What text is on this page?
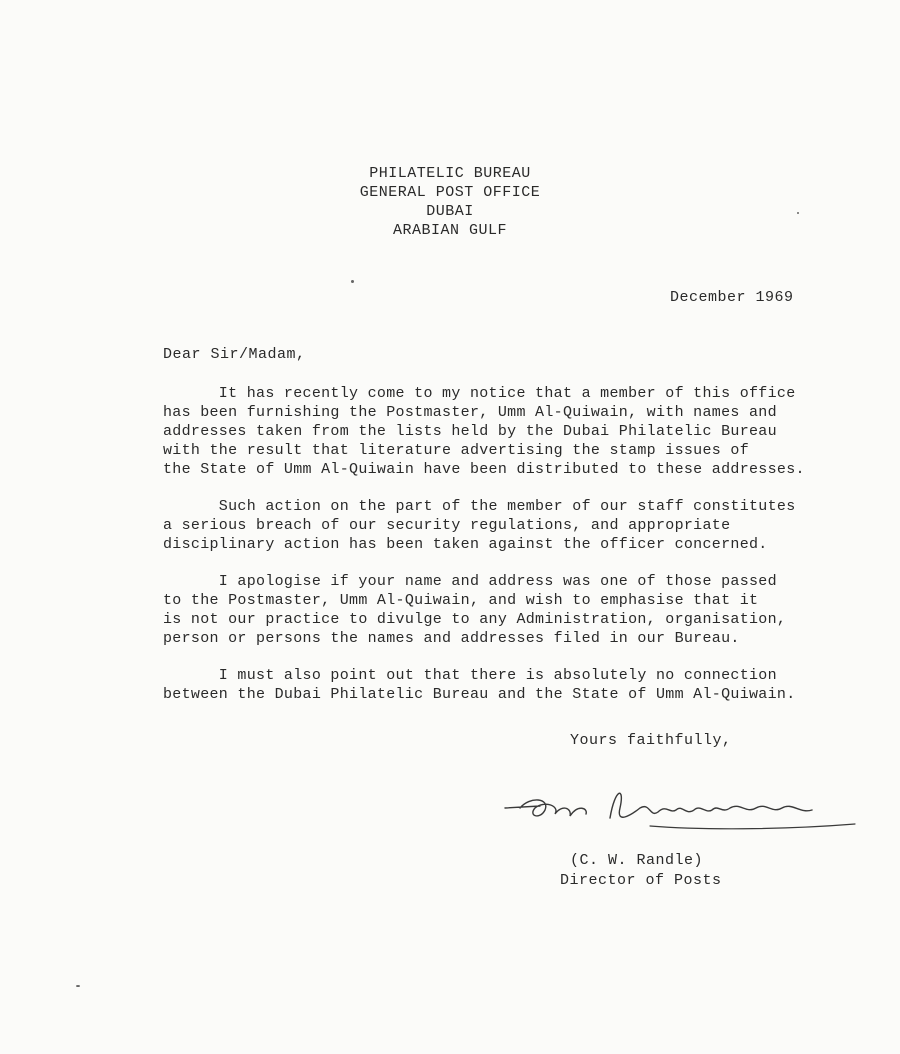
PHILATELIC BUREAU
GENERAL POST OFFICE
DUBAI
ARABIAN GULF
December 1969
Dear Sir/Madam,
It has recently come to my notice that a member of this office
has been furnishing the Postmaster, Umm Al-Quiwain, with names and
addresses taken from the lists held by the Dubai Philatelic Bureau
with the result that literature advertising the stamp issues of
the State of Umm Al-Quiwain have been distributed to these addresses.
Such action on the part of the member of our staff constitutes
a serious breach of our security regulations, and appropriate
disciplinary action has been taken against the officer concerned.
I apologise if your name and address was one of those passed
to the Postmaster, Umm Al-Quiwain, and wish to emphasise that it
is not our practice to divulge to any Administration, organisation,
person or persons the names and addresses filed in our Bureau.
I must also point out that there is absolutely no connection
between the Dubai Philatelic Bureau and the State of Umm Al-Quiwain.
Yours faithfully,
(C. W. Randle)
Director of Posts
